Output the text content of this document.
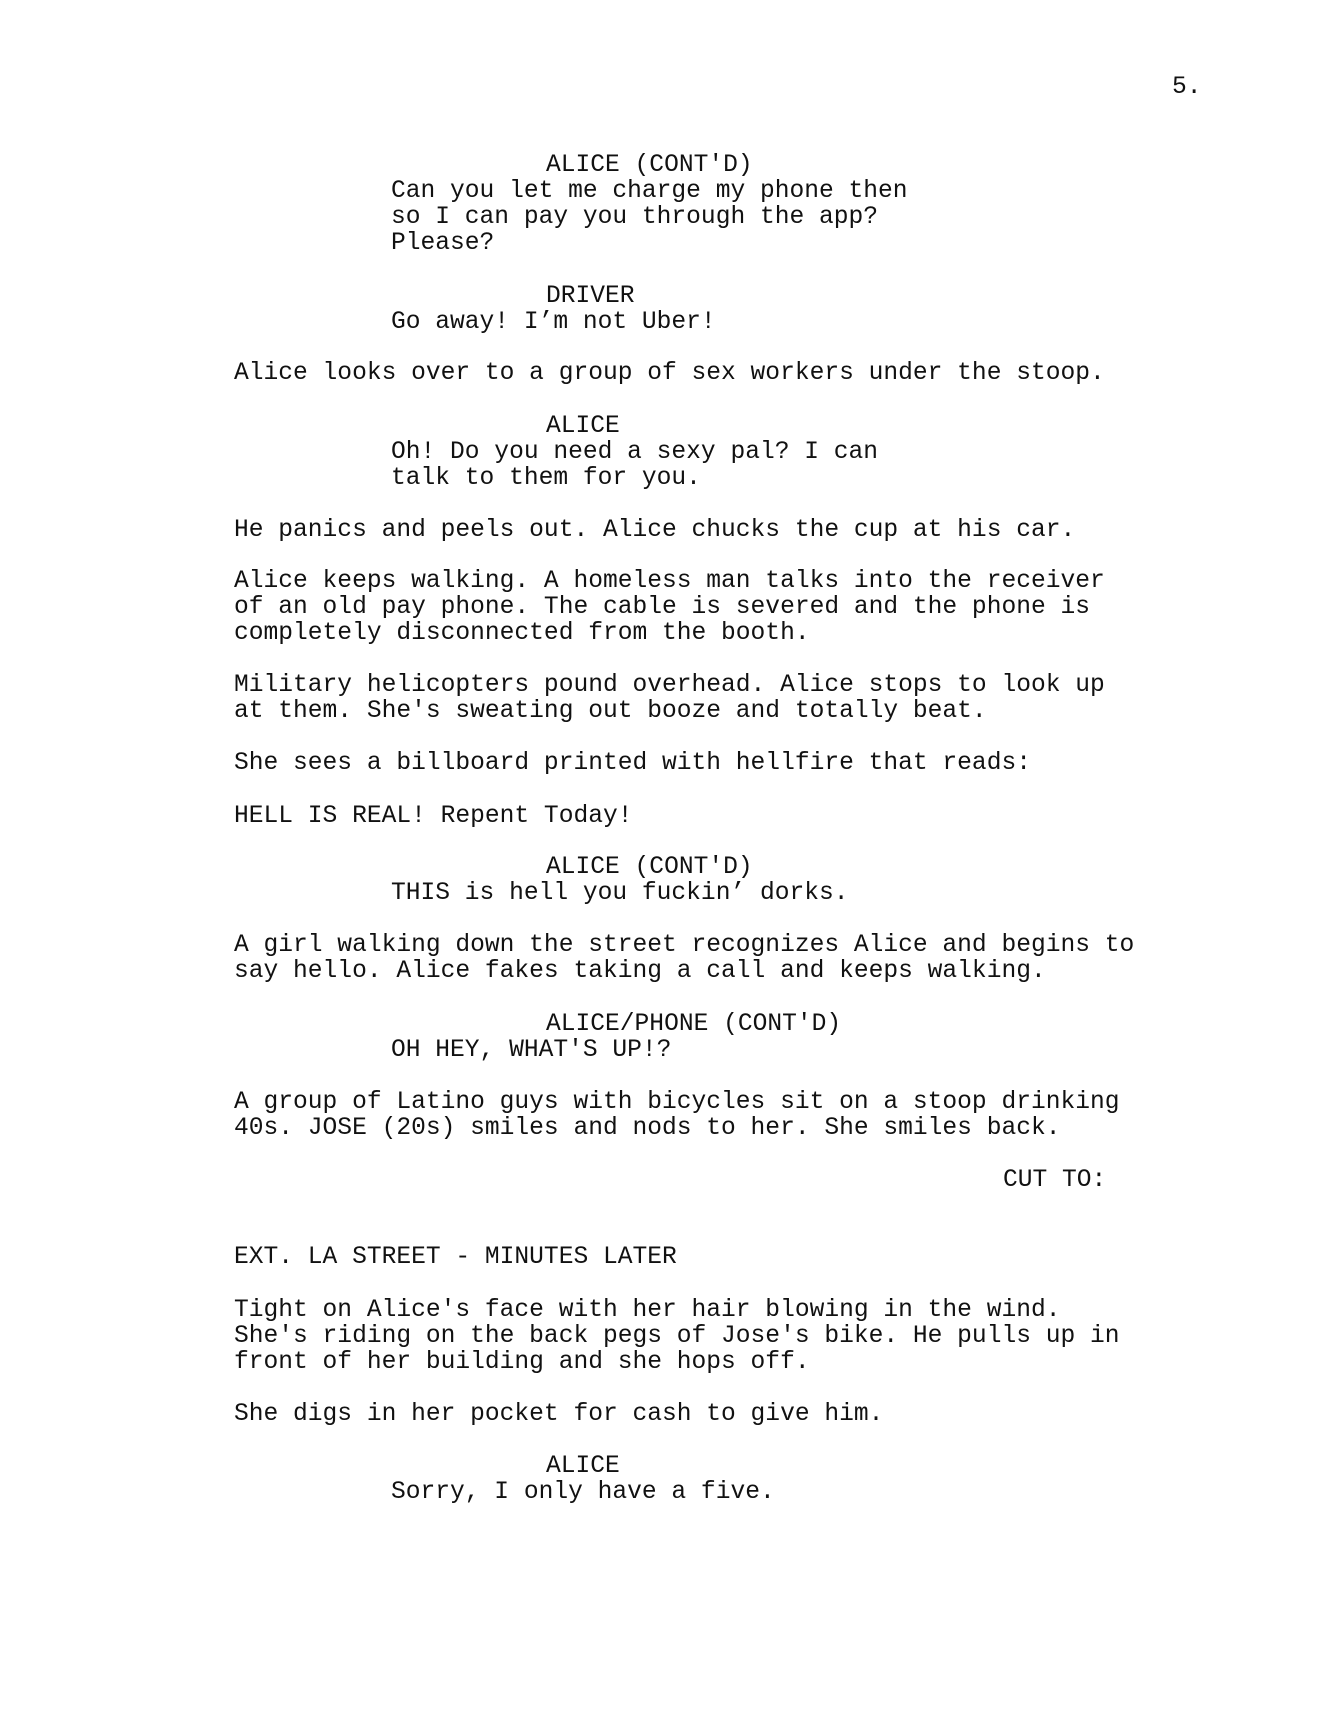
5.
ALICE (CONT'D)
Can you let me charge my phone then
so I can pay you through the app?
Please?
DRIVER
Go away! I’m not Uber!
Alice looks over to a group of sex workers under the stoop.
ALICE
Oh! Do you need a sexy pal? I can
talk to them for you.
He panics and peels out. Alice chucks the cup at his car.
Alice keeps walking. A homeless man talks into the receiver
of an old pay phone. The cable is severed and the phone is
completely disconnected from the booth.
Military helicopters pound overhead. Alice stops to look up
at them. She's sweating out booze and totally beat.
She sees a billboard printed with hellfire that reads:
HELL IS REAL! Repent Today!
ALICE (CONT'D)
THIS is hell you fuckin’ dorks.
A girl walking down the street recognizes Alice and begins to
say hello. Alice fakes taking a call and keeps walking.
ALICE/PHONE (CONT'D)
OH HEY, WHAT'S UP!?
A group of Latino guys with bicycles sit on a stoop drinking
40s. JOSE (20s) smiles and nods to her. She smiles back.
CUT TO:
EXT. LA STREET - MINUTES LATER
Tight on Alice's face with her hair blowing in the wind.
She's riding on the back pegs of Jose's bike. He pulls up in
front of her building and she hops off.
She digs in her pocket for cash to give him.
ALICE
Sorry, I only have a five.
